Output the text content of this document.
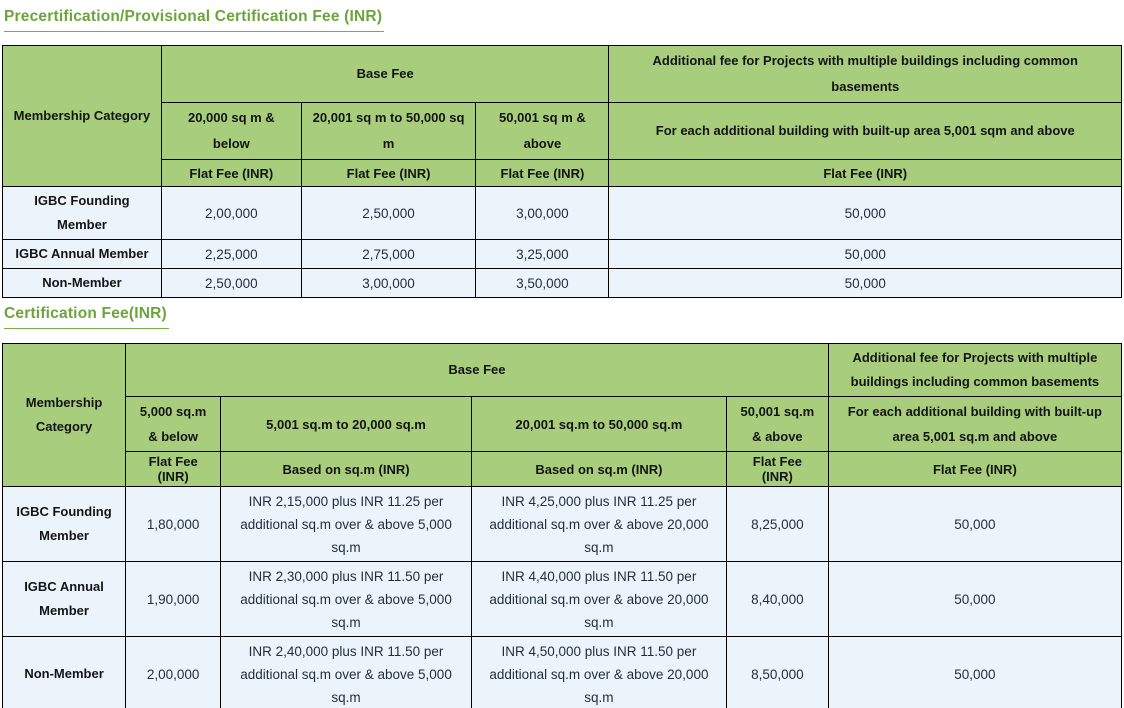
Precertification/Provisional Certification Fee (INR)
Membership Category	Base Fee			Additional fee for Projects with multiple buildings including common basements
	20,000 sq m & below	20,001 sq m to 50,000 sq m	50,001 sq m & above	For each additional building with built-up area 5,001 sqm and above
	Flat Fee (INR)	Flat Fee (INR)	Flat Fee (INR)	Flat Fee (INR)
IGBC Founding Member	2,00,000	2,50,000	3,00,000	50,000
IGBC Annual Member	2,25,000	2,75,000	3,25,000	50,000
Non-Member	2,50,000	3,00,000	3,50,000	50,000
Certification Fee(INR)
Membership Category	Base Fee				Additional fee for Projects with multiple buildings including common basements
	5,000 sq.m & below	5,001 sq.m to 20,000 sq.m	20,001 sq.m to 50,000 sq.m	50,001 sq.m & above	For each additional building with built-up area 5,001 sq.m and above
	Flat Fee (INR)	Based on sq.m (INR)	Based on sq.m (INR)	Flat Fee (INR)	Flat Fee (INR)
IGBC Founding Member	1,80,000	INR 2,15,000 plus INR 11.25 per additional sq.m over & above 5,000 sq.m	INR 4,25,000 plus INR 11.25 per additional sq.m over & above 20,000 sq.m	8,25,000	50,000
IGBC Annual Member	1,90,000	INR 2,30,000 plus INR 11.50 per additional sq.m over & above 5,000 sq.m	INR 4,40,000 plus INR 11.50 per additional sq.m over & above 20,000 sq.m	8,40,000	50,000
Non-Member	2,00,000	INR 2,40,000 plus INR 11.50 per additional sq.m over & above 5,000 sq.m	INR 4,50,000 plus INR 11.50 per additional sq.m over & above 20,000 sq.m	8,50,000	50,000
